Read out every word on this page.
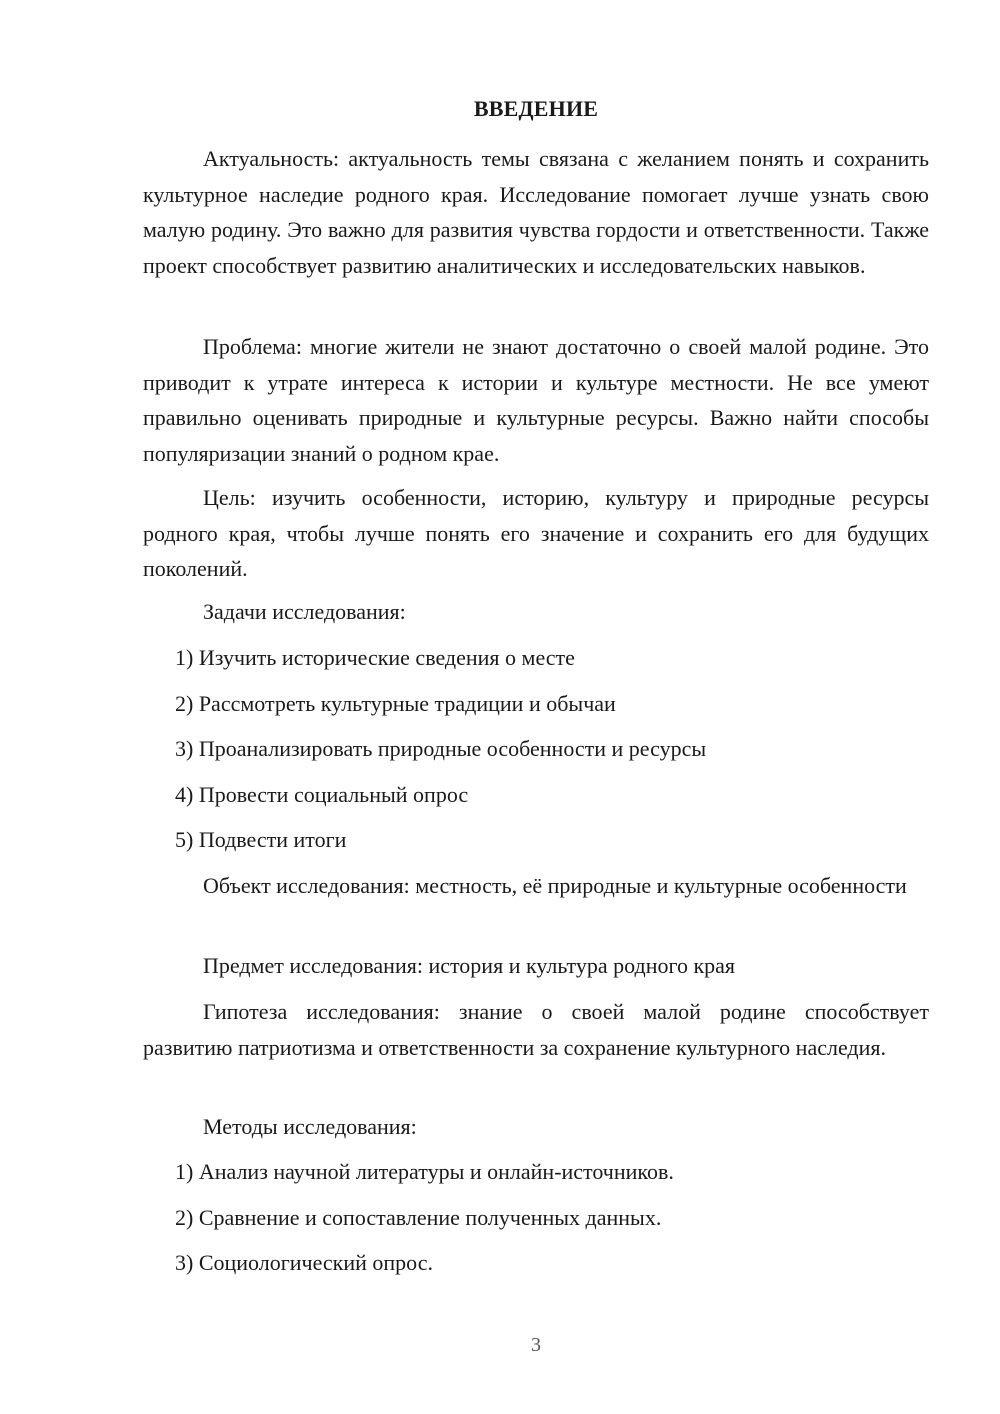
ВВЕДЕНИЕ

Актуальность: актуальность темы связана с желанием понять и сохранить культурное наследие родного края. Исследование помогает лучше узнать свою малую родину. Это важно для развития чувства гордости и ответственности. Также проект способствует развитию аналитических и исследовательских навыков.

Проблема: многие жители не знают достаточно о своей малой родине. Это приводит к утрате интереса к истории и культуре местности. Не все умеют правильно оценивать природные и культурные ресурсы. Важно найти способы популяризации знаний о родном крае.

Цель: изучить особенности, историю, культуру и природные ресурсы родного края, чтобы лучше понять его значение и сохранить его для будущих поколений.

Задачи исследования:

1) Изучить исторические сведения о месте

2) Рассмотреть культурные традиции и обычаи

3) Проанализировать природные особенности и ресурсы

4) Провести социальный опрос

5) Подвести итоги

Объект исследования: местность, её природные и культурные особенности

Предмет исследования: история и культура родного края

Гипотеза исследования: знание о своей малой родине способствует развитию патриотизма и ответственности за сохранение культурного наследия.

Методы исследования:

1) Анализ научной литературы и онлайн-источников.

2) Сравнение и сопоставление полученных данных.

3) Социологический опрос.

3
